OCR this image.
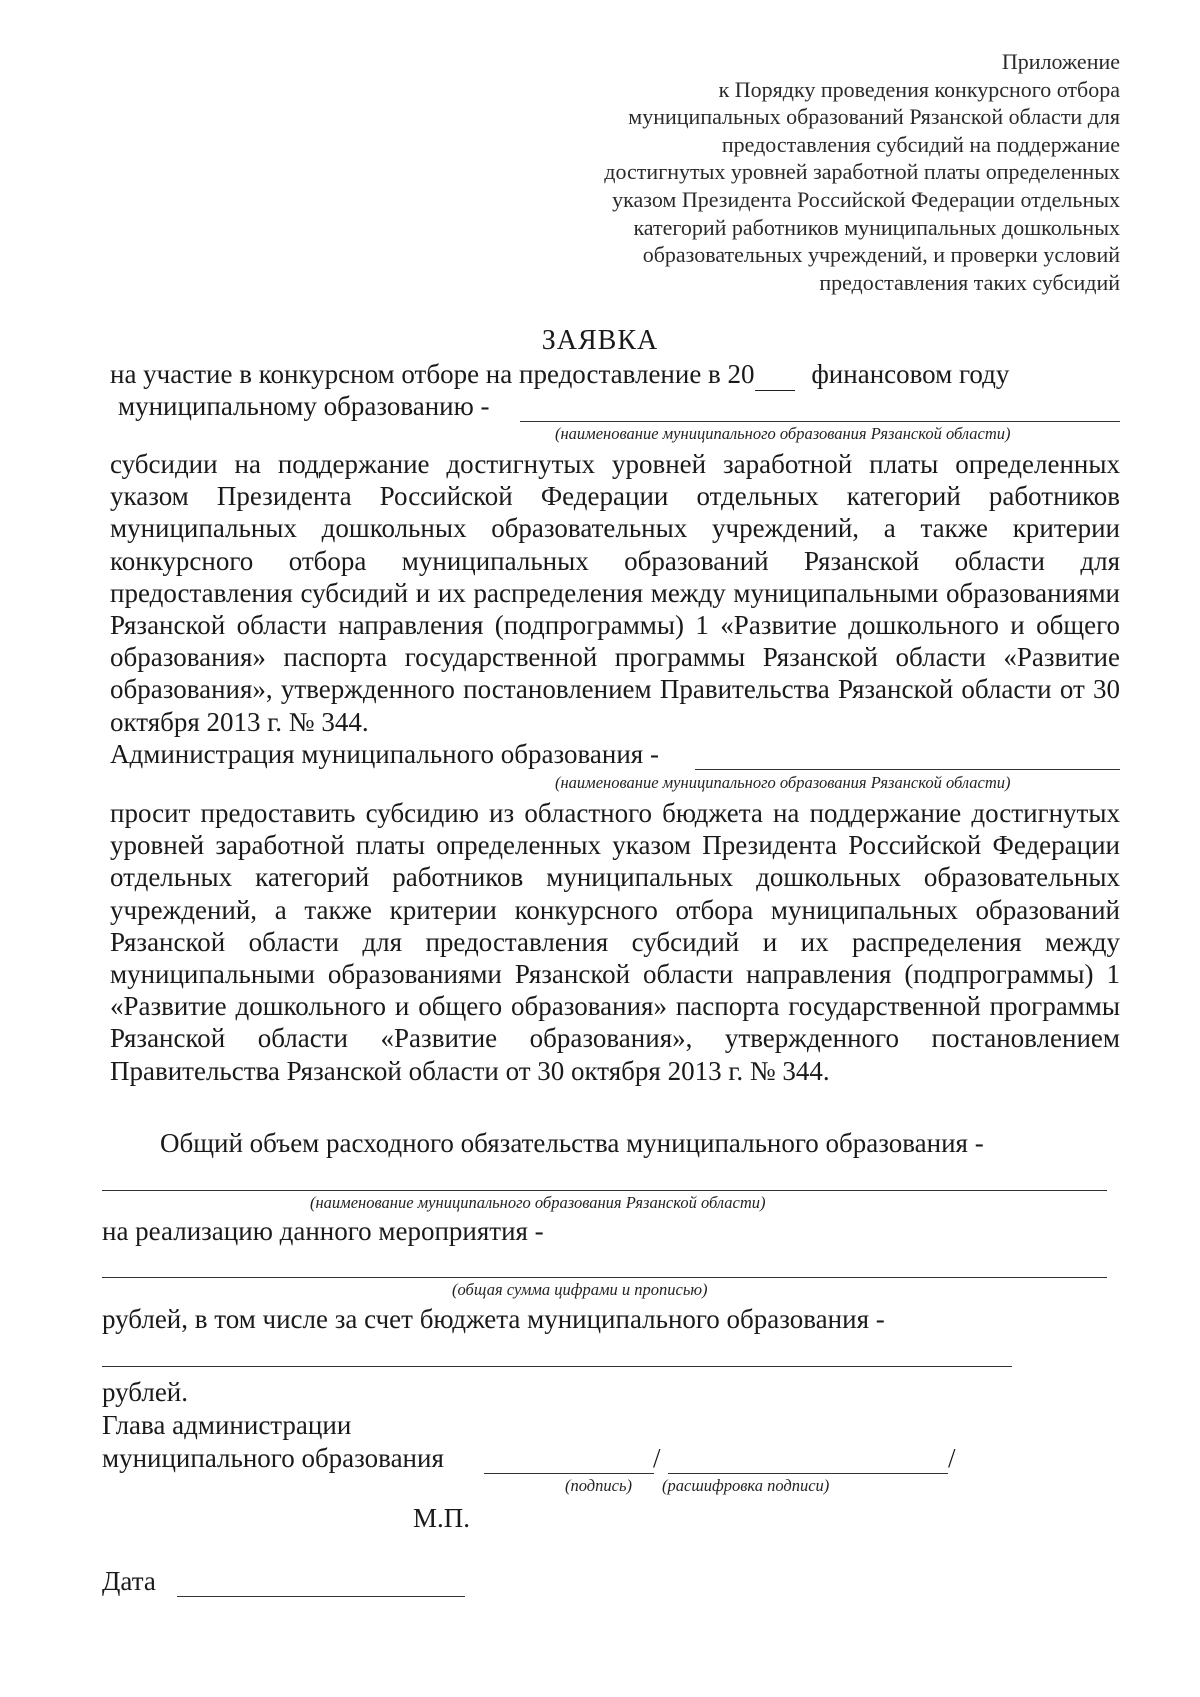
Приложение
к Порядку проведения конкурсного отбора
муниципальных образований Рязанской области для
предоставления субсидий на поддержание
достигнутых уровней заработной платы определенных
указом Президента Российской Федерации отдельных
категорий работников муниципальных дошкольных
образовательных учреждений, и проверки условий
предоставления таких субсидий
ЗАЯВКА
на участие в конкурсном отборе на предоставление в 20 финансовом году
муниципальному образованию -
(наименование муниципального образования Рязанской области)

субсидии на поддержание достигнутых уровней заработной платы определенных указом Президента Российской Федерации отдельных категорий работников муниципальных дошкольных образовательных учреждений, а также критерии конкурсного отбора муниципальных образований Рязанской области для предоставления субсидий и их распределения между муниципальными образованиями Рязанской области направления (подпрограммы) 1 «Развитие дошкольного и общего образования» паспорта государственной программы Рязанской области «Развитие образования», утвержденного постановлением Правительства Рязанской области от 30 октября 2013 г. № 344.

Администрация муниципального образования -
(наименование муниципального образования Рязанской области)

просит предоставить субсидию из областного бюджета на поддержание достигнутых уровней заработной платы определенных указом Президента Российской Федерации отдельных категорий работников муниципальных дошкольных образовательных учреждений, а также критерии конкурсного отбора муниципальных образований Рязанской области для предоставления субсидий и их распределения между муниципальными образованиями Рязанской области направления (подпрограммы) 1 «Развитие дошкольного и общего образования» паспорта государственной программы Рязанской области «Развитие образования», утвержденного постановлением Правительства Рязанской области от 30 октября 2013 г. № 344.

Общий объем расходного обязательства муниципального образования -
(наименование муниципального образования Рязанской области)
на реализацию данного мероприятия -
(общая сумма цифрами и прописью)
рублей, в том числе за счет бюджета муниципального образования -
рублей.
Глава администрации
муниципального образования	/	/
(подпись) (расшифровка подписи)
М.П.
Дата
